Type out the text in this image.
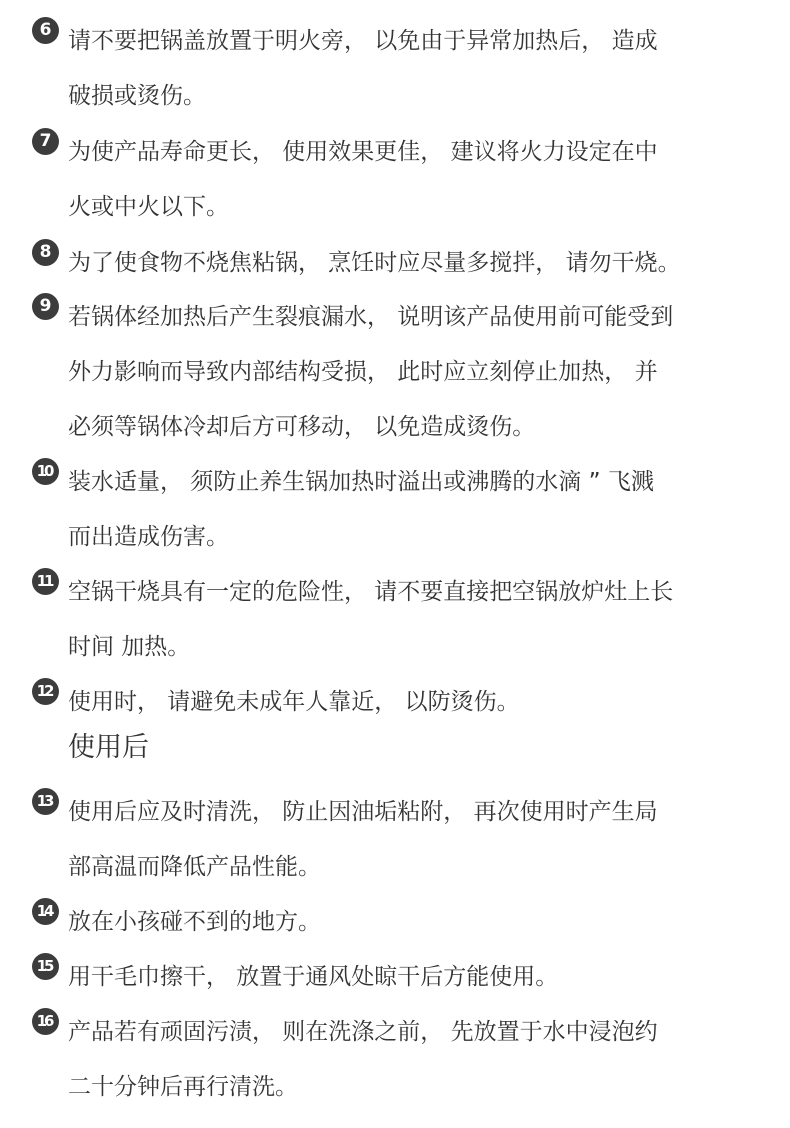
6 请不要把锅盖放置于明火旁， 以免由于异常加热后， 造成
破损或烫伤。
7 为使产品寿命更长， 使用效果更佳， 建议将火力设定在中
火或中火以下。
8 为了使食物不烧焦粘锅， 烹饪时应尽量多搅拌， 请勿干烧。
9 若锅体经加热后产生裂痕漏水， 说明该产品使用前可能受到
外力影响而导致内部结构受损， 此时应立刻停止加热， 并
必须等锅体冷却后方可移动， 以免造成烫伤。
10 装水适量， 须防止养生锅加热时溢出或沸腾的水滴 ” 飞溅
而出造成伤害。
11 空锅干烧具有一定的危险性， 请不要直接把空锅放炉灶上长
时间 加热。
12 使用时， 请避免未成年人靠近， 以防烫伤。
使用后
13 使用后应及时清洗， 防止因油垢粘附， 再次使用时产生局
部高温而降低产品性能。
14 放在小孩碰不到的地方。
15 用干毛巾擦干， 放置于通风处晾干后方能使用。
16 产品若有顽固污渍， 则在洗涤之前， 先放置于水中浸泡约
二十分钟后再行清洗。
